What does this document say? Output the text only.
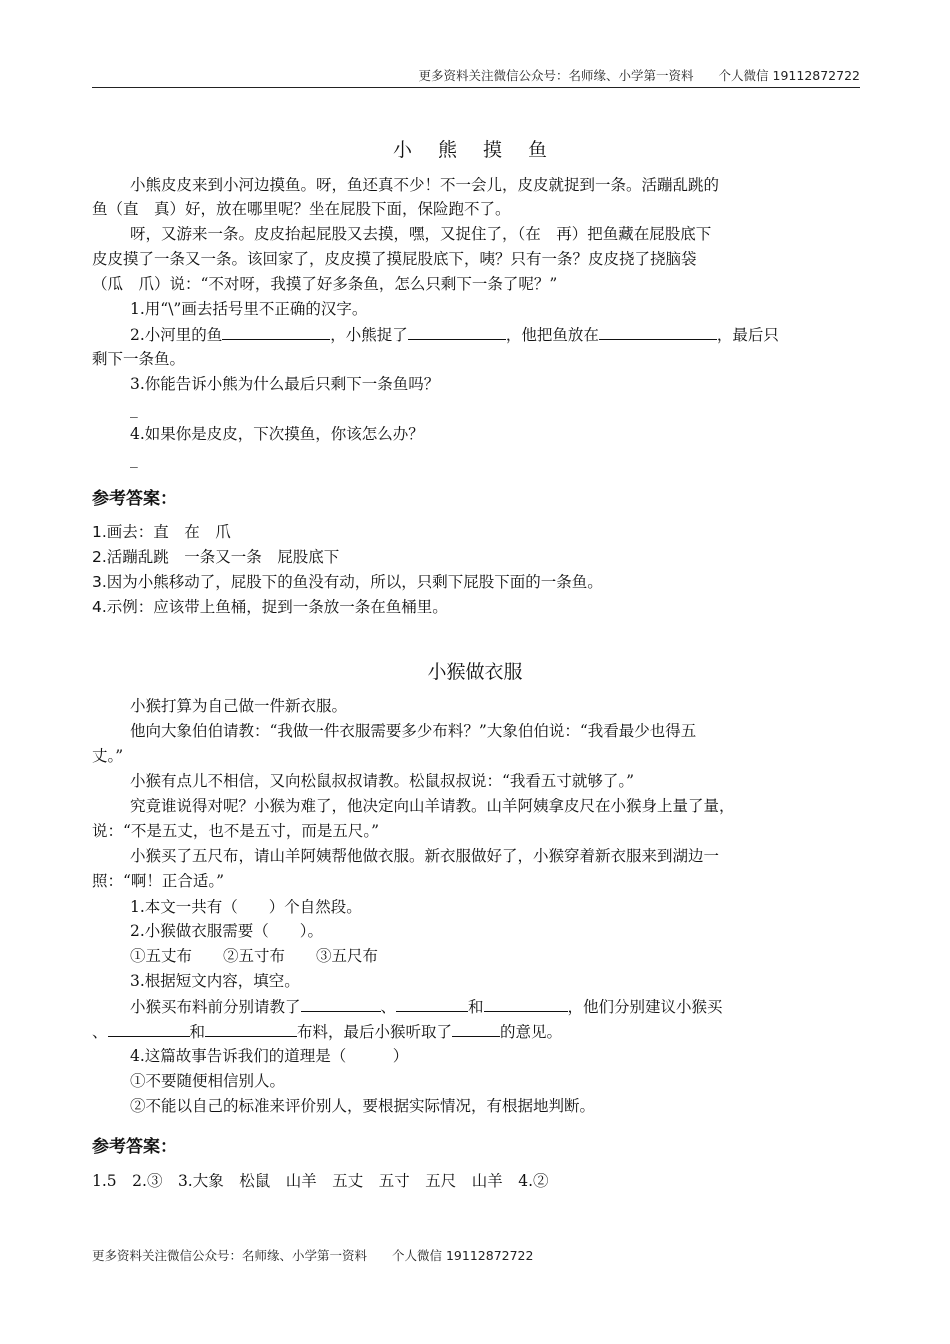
更多资料关注微信公众号：名师缘、小学第一资料　　个人微信 19112872722
小 熊 摸 鱼
小熊皮皮来到小河边摸鱼。呀，鱼还真不少！不一会儿，皮皮就捉到一条。活蹦乱跳的
鱼（直　真）好，放在哪里呢？坐在屁股下面，保险跑不了。
呀，又游来一条。皮皮抬起屁股又去摸，嘿，又捉住了，（在　再）把鱼藏在屁股底下
皮皮摸了一条又一条。该回家了，皮皮摸了摸屁股底下，咦？只有一条？皮皮挠了挠脑袋
（瓜　爪）说：“不对呀，我摸了好多条鱼，怎么只剩下一条了呢？”
1.用“\”画去括号里不正确的汉字。
2.小河里的鱼	，小熊捉了	，他把鱼放在	，最后只
剩下一条鱼。
3.你能告诉小熊为什么最后只剩下一条鱼吗？
_
4.如果你是皮皮，下次摸鱼，你该怎么办？
_
参考答案：
1.画去：直　在　爪
2.活蹦乱跳　一条又一条　屁股底下
3.因为小熊移动了，屁股下的鱼没有动，所以，只剩下屁股下面的一条鱼。
4.示例：应该带上鱼桶，捉到一条放一条在鱼桶里。
小猴做衣服
小猴打算为自己做一件新衣服。
他向大象伯伯请教：“我做一件衣服需要多少布料？”大象伯伯说：“我看最少也得五
丈。”
小猴有点儿不相信，又向松鼠叔叔请教。松鼠叔叔说：“我看五寸就够了。”
究竟谁说得对呢？小猴为难了，他决定向山羊请教。山羊阿姨拿皮尺在小猴身上量了量，
说：“不是五丈，也不是五寸，而是五尺。”
小猴买了五尺布，请山羊阿姨帮他做衣服。新衣服做好了，小猴穿着新衣服来到湖边一
照：“啊！正合适。”
1.本文一共有（　　）个自然段。
2.小猴做衣服需要（　　）。
①五丈布　　②五寸布　　③五尺布
3.根据短文内容，填空。
小猴买布料前分别请教了	、	和	，他们分别建议小猴买
、	和	布料，最后小猴听取了	的意见。
4.这篇故事告诉我们的道理是（　　　）
①不要随便相信别人。
②不能以自己的标准来评价别人，要根据实际情况，有根据地判断。
参考答案：
1.5　2.③　3.大象　松鼠　山羊　五丈　五寸　五尺　山羊　4.②
更多资料关注微信公众号：名师缘、小学第一资料　　个人微信 19112872722
